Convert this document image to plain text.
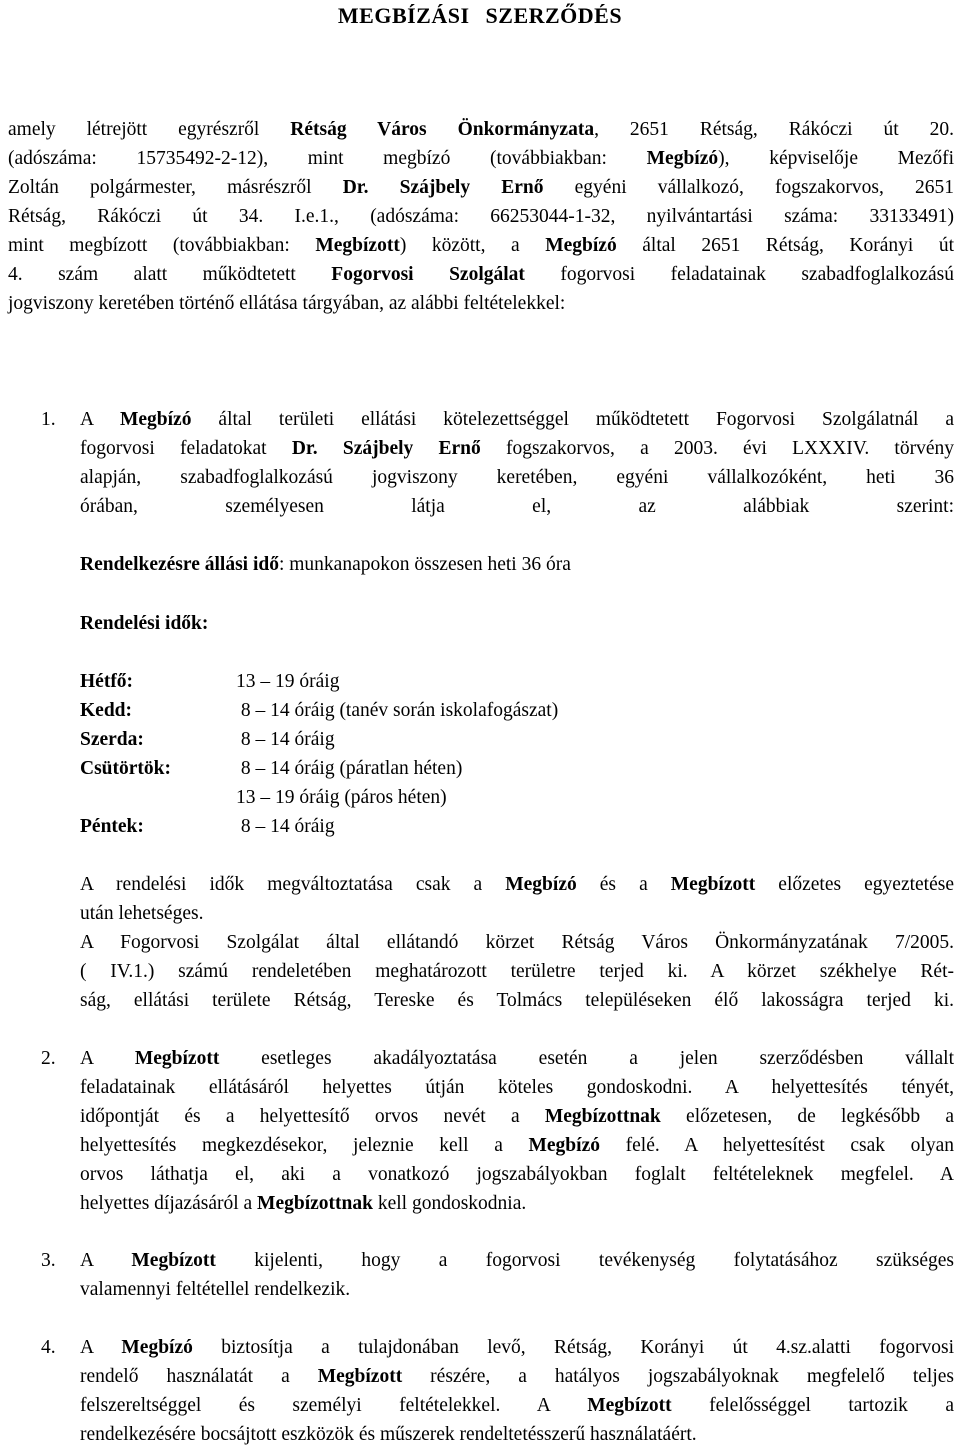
MEGBÍZÁSI SZERZŐDÉS
amely létrejött egyrészről Rétság Város Önkormányzata, 2651 Rétság, Rákóczi út 20.
(adószáma: 15735492-2-12), mint megbízó (továbbiakban: Megbízó), képviselője Mezőfi
Zoltán polgármester, másrészről Dr. Szájbely Ernő egyéni vállalkozó, fogszakorvos, 2651
Rétság, Rákóczi út 34. I.e.1., (adószáma: 66253044-1-32, nyilvántartási száma: 33133491)
mint megbízott (továbbiakban: Megbízott) között, a Megbízó által 2651 Rétság, Korányi út
4. szám alatt működtetett Fogorvosi Szolgálat fogorvosi feladatainak szabadfoglalkozású
jogviszony keretében történő ellátása tárgyában, az alábbi feltételekkel:
1. A Megbízó által területi ellátási kötelezettséggel működtetett Fogorvosi Szolgálatnál a
fogorvosi feladatokat Dr. Szájbely Ernő fogszakorvos, a 2003. évi LXXXIV. törvény
alapján, szabadfoglalkozású jogviszony keretében, egyéni vállalkozóként, heti 36
órában, személyesen látja el, az alábbiak szerint:
Rendelkezésre állási idő: munkanapokon összesen heti 36 óra
Rendelési idők:
Hétfő:	13 – 19 óráig
Kedd:	8 – 14 óráig (tanév során iskolafogászat)
Szerda:	8 – 14 óráig
Csütörtök:	8 – 14 óráig (páratlan héten)
13 – 19 óráig (páros héten)
Péntek:	8 – 14 óráig
A rendelési idők megváltoztatása csak a Megbízó és a Megbízott előzetes egyeztetése
után lehetséges.
A Fogorvosi Szolgálat által ellátandó körzet Rétság Város Önkormányzatának 7/2005.
( IV.1.) számú rendeletében meghatározott területre terjed ki. A körzet székhelye Rét-
ság, ellátási területe Rétság, Tereske és Tolmács településeken élő lakosságra terjed ki.
2. A Megbízott esetleges akadályoztatása esetén a jelen szerződésben vállalt
feladatainak ellátásáról helyettes útján köteles gondoskodni. A helyettesítés tényét,
időpontját és a helyettesítő orvos nevét a Megbízottnak előzetesen, de legkésőbb a
helyettesítés megkezdésekor, jeleznie kell a Megbízó felé. A helyettesítést csak olyan
orvos láthatja el, aki a vonatkozó jogszabályokban foglalt feltételeknek megfelel. A
helyettes díjazásáról a Megbízottnak kell gondoskodnia.
3. A Megbízott kijelenti, hogy a fogorvosi tevékenység folytatásához szükséges
valamennyi feltétellel rendelkezik.
4. A Megbízó biztosítja a tulajdonában levő, Rétság, Korányi út 4.sz.alatti fogorvosi
rendelő használatát a Megbízott részére, a hatályos jogszabályoknak megfelelő teljes
felszereltséggel és személyi feltételekkel. A Megbízott felelősséggel tartozik a
rendelkezésére bocsájtott eszközök és műszerek rendeltetésszerű használatáért.
